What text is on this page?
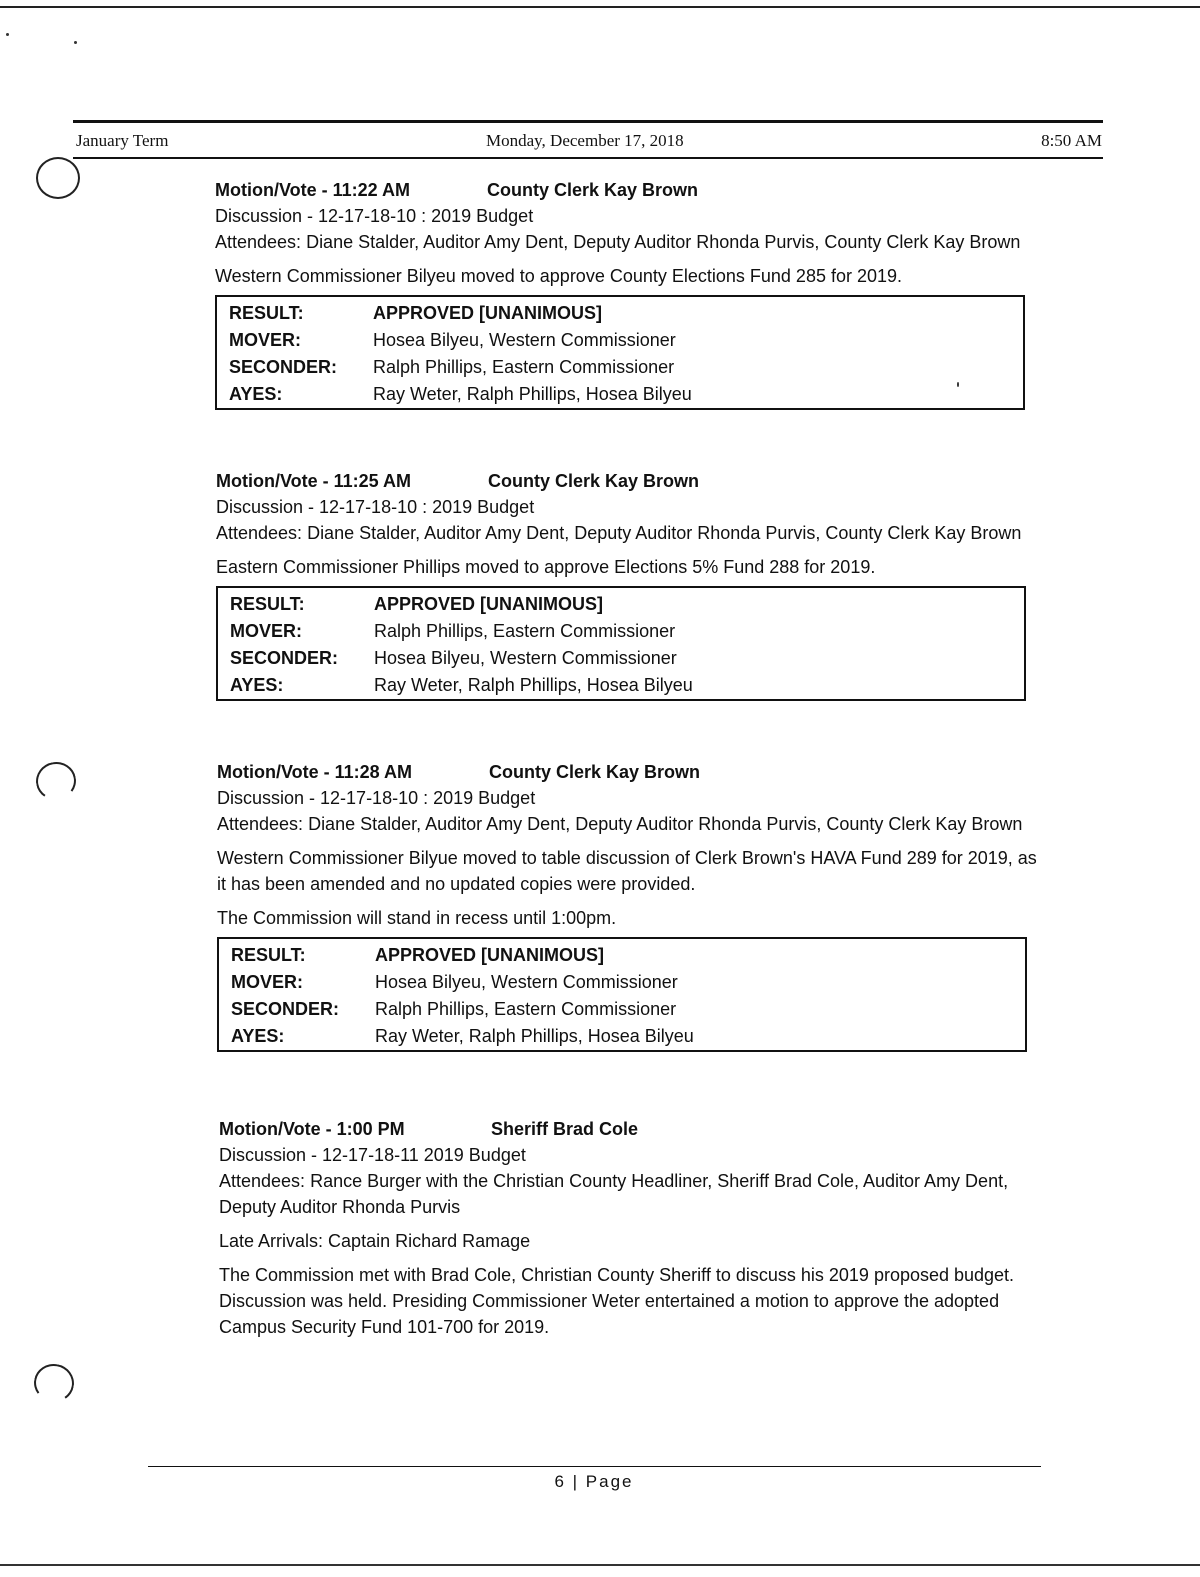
January Term	Monday, December 17, 2018	8:50 AM
Motion/Vote - 11:22 AM	County Clerk Kay Brown
Discussion - 12-17-18-10 : 2019 Budget
Attendees: Diane Stalder, Auditor Amy Dent, Deputy Auditor Rhonda Purvis, County Clerk Kay Brown
Western Commissioner Bilyeu moved to approve County Elections Fund 285 for 2019.
RESULT:	APPROVED [UNANIMOUS]
MOVER:	Hosea Bilyeu, Western Commissioner
SECONDER:	Ralph Phillips, Eastern Commissioner
AYES:	Ray Weter, Ralph Phillips, Hosea Bilyeu
Motion/Vote - 11:25 AM	County Clerk Kay Brown
Discussion - 12-17-18-10 : 2019 Budget
Attendees: Diane Stalder, Auditor Amy Dent, Deputy Auditor Rhonda Purvis, County Clerk Kay Brown
Eastern Commissioner Phillips moved to approve Elections 5% Fund 288 for 2019.
RESULT:	APPROVED [UNANIMOUS]
MOVER:	Ralph Phillips, Eastern Commissioner
SECONDER:	Hosea Bilyeu, Western Commissioner
AYES:	Ray Weter, Ralph Phillips, Hosea Bilyeu
Motion/Vote - 11:28 AM	County Clerk Kay Brown
Discussion - 12-17-18-10 : 2019 Budget
Attendees: Diane Stalder, Auditor Amy Dent, Deputy Auditor Rhonda Purvis, County Clerk Kay Brown
Western Commissioner Bilyue moved to table discussion of Clerk Brown's HAVA Fund 289 for 2019, as it has been amended and no updated copies were provided.
The Commission will stand in recess until 1:00pm.
RESULT:	APPROVED [UNANIMOUS]
MOVER:	Hosea Bilyeu, Western Commissioner
SECONDER:	Ralph Phillips, Eastern Commissioner
AYES:	Ray Weter, Ralph Phillips, Hosea Bilyeu
Motion/Vote - 1:00 PM	Sheriff Brad Cole
Discussion - 12-17-18-11 2019 Budget
Attendees: Rance Burger with the Christian County Headliner, Sheriff Brad Cole, Auditor Amy Dent, Deputy Auditor Rhonda Purvis
Late Arrivals: Captain Richard Ramage
The Commission met with Brad Cole, Christian County Sheriff to discuss his 2019 proposed budget. Discussion was held. Presiding Commissioner Weter entertained a motion to approve the adopted Campus Security Fund 101-700 for 2019.
6 | Page
